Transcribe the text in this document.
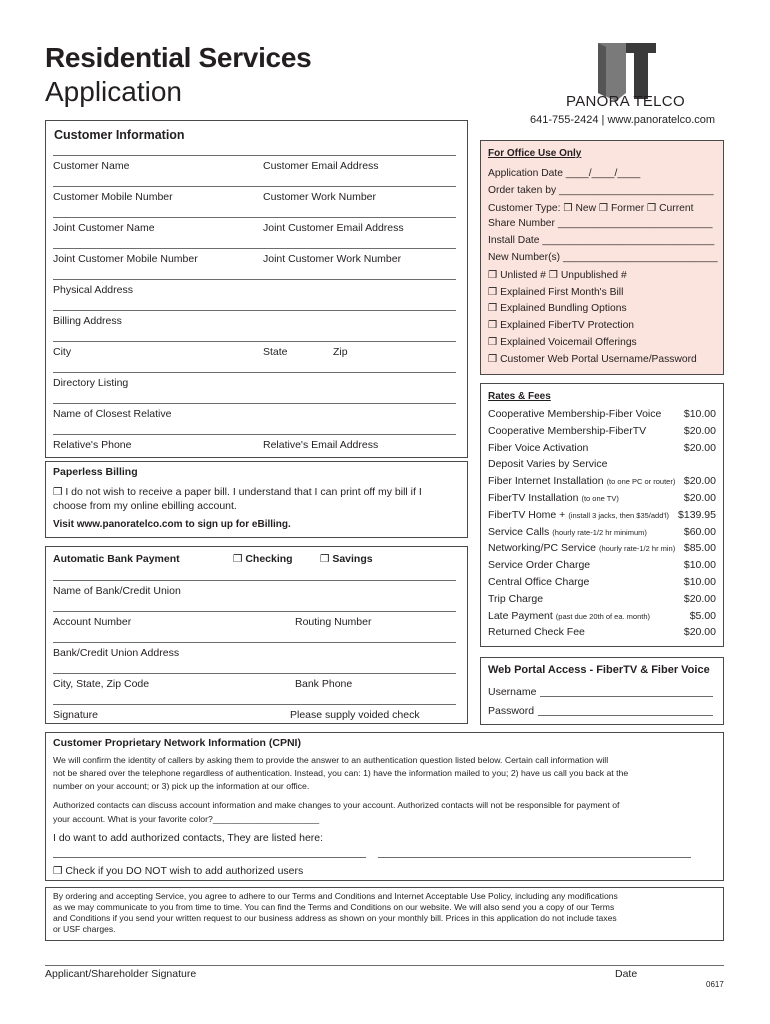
Residential Services
Application	PANORA TELCO
641-755-2424 | www.panoratelco.com
Customer Information
Customer Name	Customer Email Address
Customer Mobile Number	Customer Work Number
Joint Customer Name	Joint Customer Email Address
Joint Customer Mobile Number	Joint Customer Work Number
Physical Address
Billing Address
City	State	Zip
Directory Listing
Name of Closest Relative
Relative's Phone	Relative's Email Address
For Office Use Only
Application Date ____/____/____
Order taken by ___________________________
Customer Type: ❒ New ❒ Former ❒ Current
Share Number ___________________________
Install Date ______________________________
New Number(s) ___________________________
❒ Unlisted # ❒ Unpublished #
❒ Explained First Month's Bill
❒ Explained Bundling Options
❒ Explained FiberTV Protection
❒ Explained Voicemail Offerings
❒ Customer Web Portal Username/Password
Rates & Fees
Cooperative Membership-Fiber Voice $10.00
Cooperative Membership-FiberTV	$20.00
Fiber Voice Activation	$20.00
Deposit Varies by Service
Fiber Internet Installation (to one PC or router) $20.00
FiberTV Installation (to one TV)	$20.00
FiberTV Home + (install 3 jacks, then $35/add'l) $139.95
Service Calls (hourly rate-1/2 hr minimum)	$60.00
Networking/PC Service (hourly rate-1/2 hr min) $85.00
Service Order Charge	$10.00
Central Office Charge	$10.00
Trip Charge	$20.00
Late Payment (past due 20th of ea. month)	$5.00
Returned Check Fee	$20.00
Paperless Billing
❒ I do not wish to receive a paper bill. I understand that I can print off my bill if I
choose from my online ebilling account.
Visit www.panoratelco.com to sign up for eBilling.
Automatic Bank Payment	❒ Checking	❒ Savings
Name of Bank/Credit Union
Account Number	Routing Number
Bank/Credit Union Address
City, State, Zip Code	Bank Phone
Signature	Please supply voided check
Web Portal Access - FiberTV & Fiber Voice
Username
Password
Customer Proprietary Network Information (CPNI)
We will confirm the identity of callers by asking them to provide the answer to an authentication question listed below. Certain call information will
not be shared over the telephone regardless of authentication. Instead, you can: 1) have the information mailed to you; 2) have us call you back at the
number on your account; or 3) pick up the information at our office.
Authorized contacts can discuss account information and make changes to your account. Authorized contacts will not be responsible for payment of
your account. What is your favorite color?______________________
I do want to add authorized contacts, They are listed here:
❒ Check if you DO NOT wish to add authorized users
By ordering and accepting Service, you agree to adhere to our Terms and Conditions and Internet Acceptable Use Policy, including any modifications
as we may communicate to you from time to time. You can find the Terms and Conditions on our website. We will also send you a copy of our Terms
and Conditions if you send your written request to our business address as shown on your monthly bill. Prices in this application do not include taxes
or USF charges.
Applicant/Shareholder Signature	Date
0617
